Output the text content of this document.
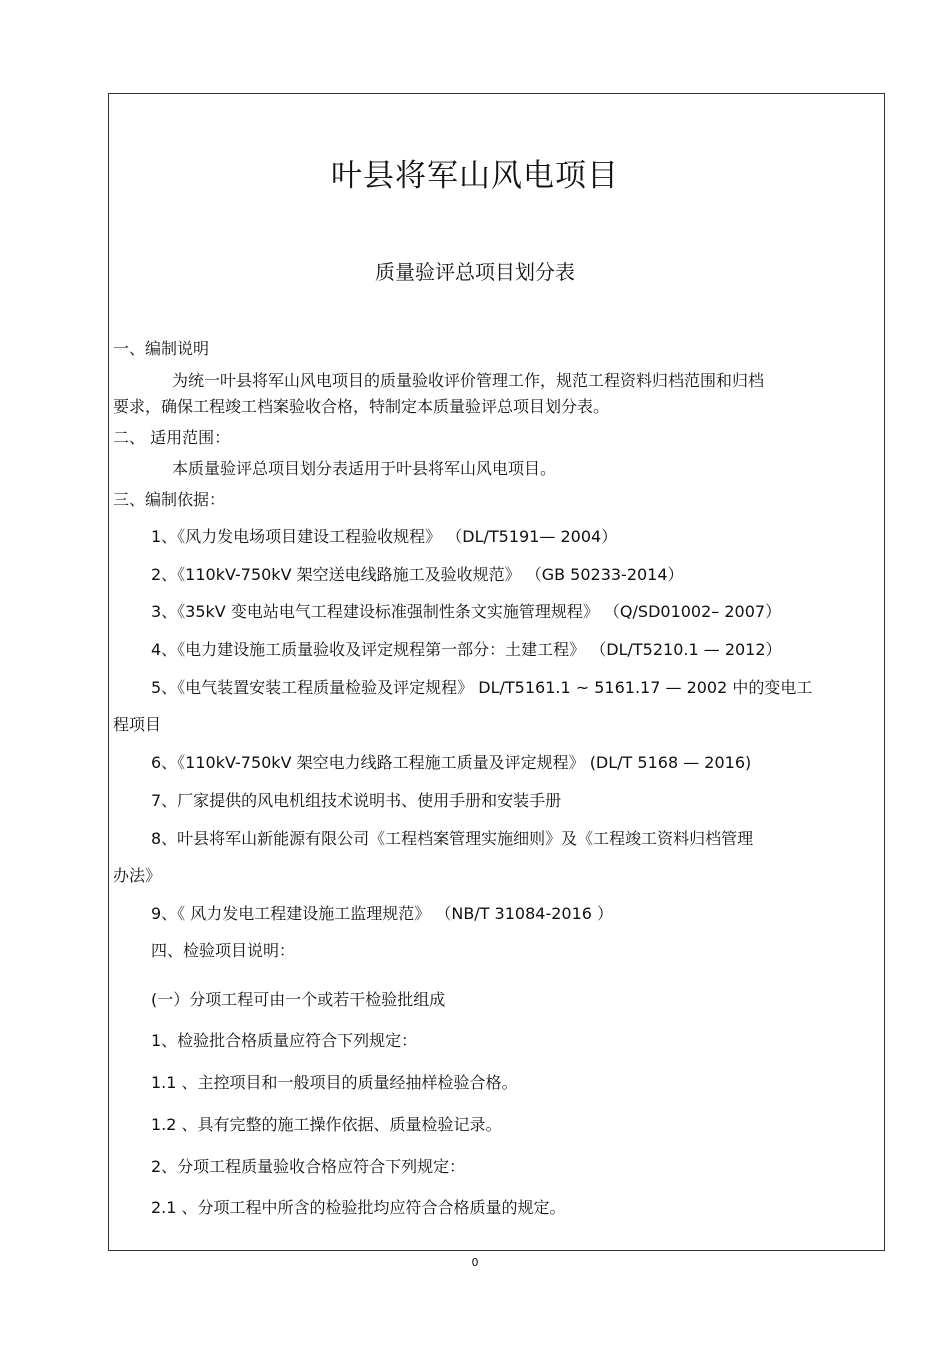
叶县将军山风电项目
质量验评总项目划分表
一、编制说明
为统一叶县将军山风电项目的质量验收评价管理工作，规范工程资料归档范围和归档
要求，确保工程竣工档案验收合格，特制定本质量验评总项目划分表。
二、 适用范围：
本质量验评总项目划分表适用于叶县将军山风电项目。
三、编制依据：
1、《风力发电场项目建设工程验收规程》 （DL/T5191— 2004）
2、《110kV-750kV 架空送电线路施工及验收规范》 （GB 50233-2014）
3、《35kV 变电站电气工程建设标准强制性条文实施管理规程》 （Q/SD01002– 2007）
4、《电力建设施工质量验收及评定规程第一部分：土建工程》 （DL/T5210.1 — 2012）
5、《电气装置安装工程质量检验及评定规程》 DL/T5161.1 ~ 5161.17 — 2002 中的变电工
程项目
6、《110kV-750kV 架空电力线路工程施工质量及评定规程》 (DL/T 5168 — 2016)
7、厂家提供的风电机组技术说明书、使用手册和安装手册
8、叶县将军山新能源有限公司《工程档案管理实施细则》及《工程竣工资料归档管理
办法》
9、《 风力发电工程建设施工监理规范》 （NB/T 31084-2016 ）
四、检验项目说明：
(一）分项工程可由一个或若干检验批组成
1、检验批合格质量应符合下列规定：
1.1 、主控项目和一般项目的质量经抽样检验合格。
1.2 、具有完整的施工操作依据、质量检验记录。
2、分项工程质量验收合格应符合下列规定：
2.1 、分项工程中所含的检验批均应符合合格质量的规定。
0
